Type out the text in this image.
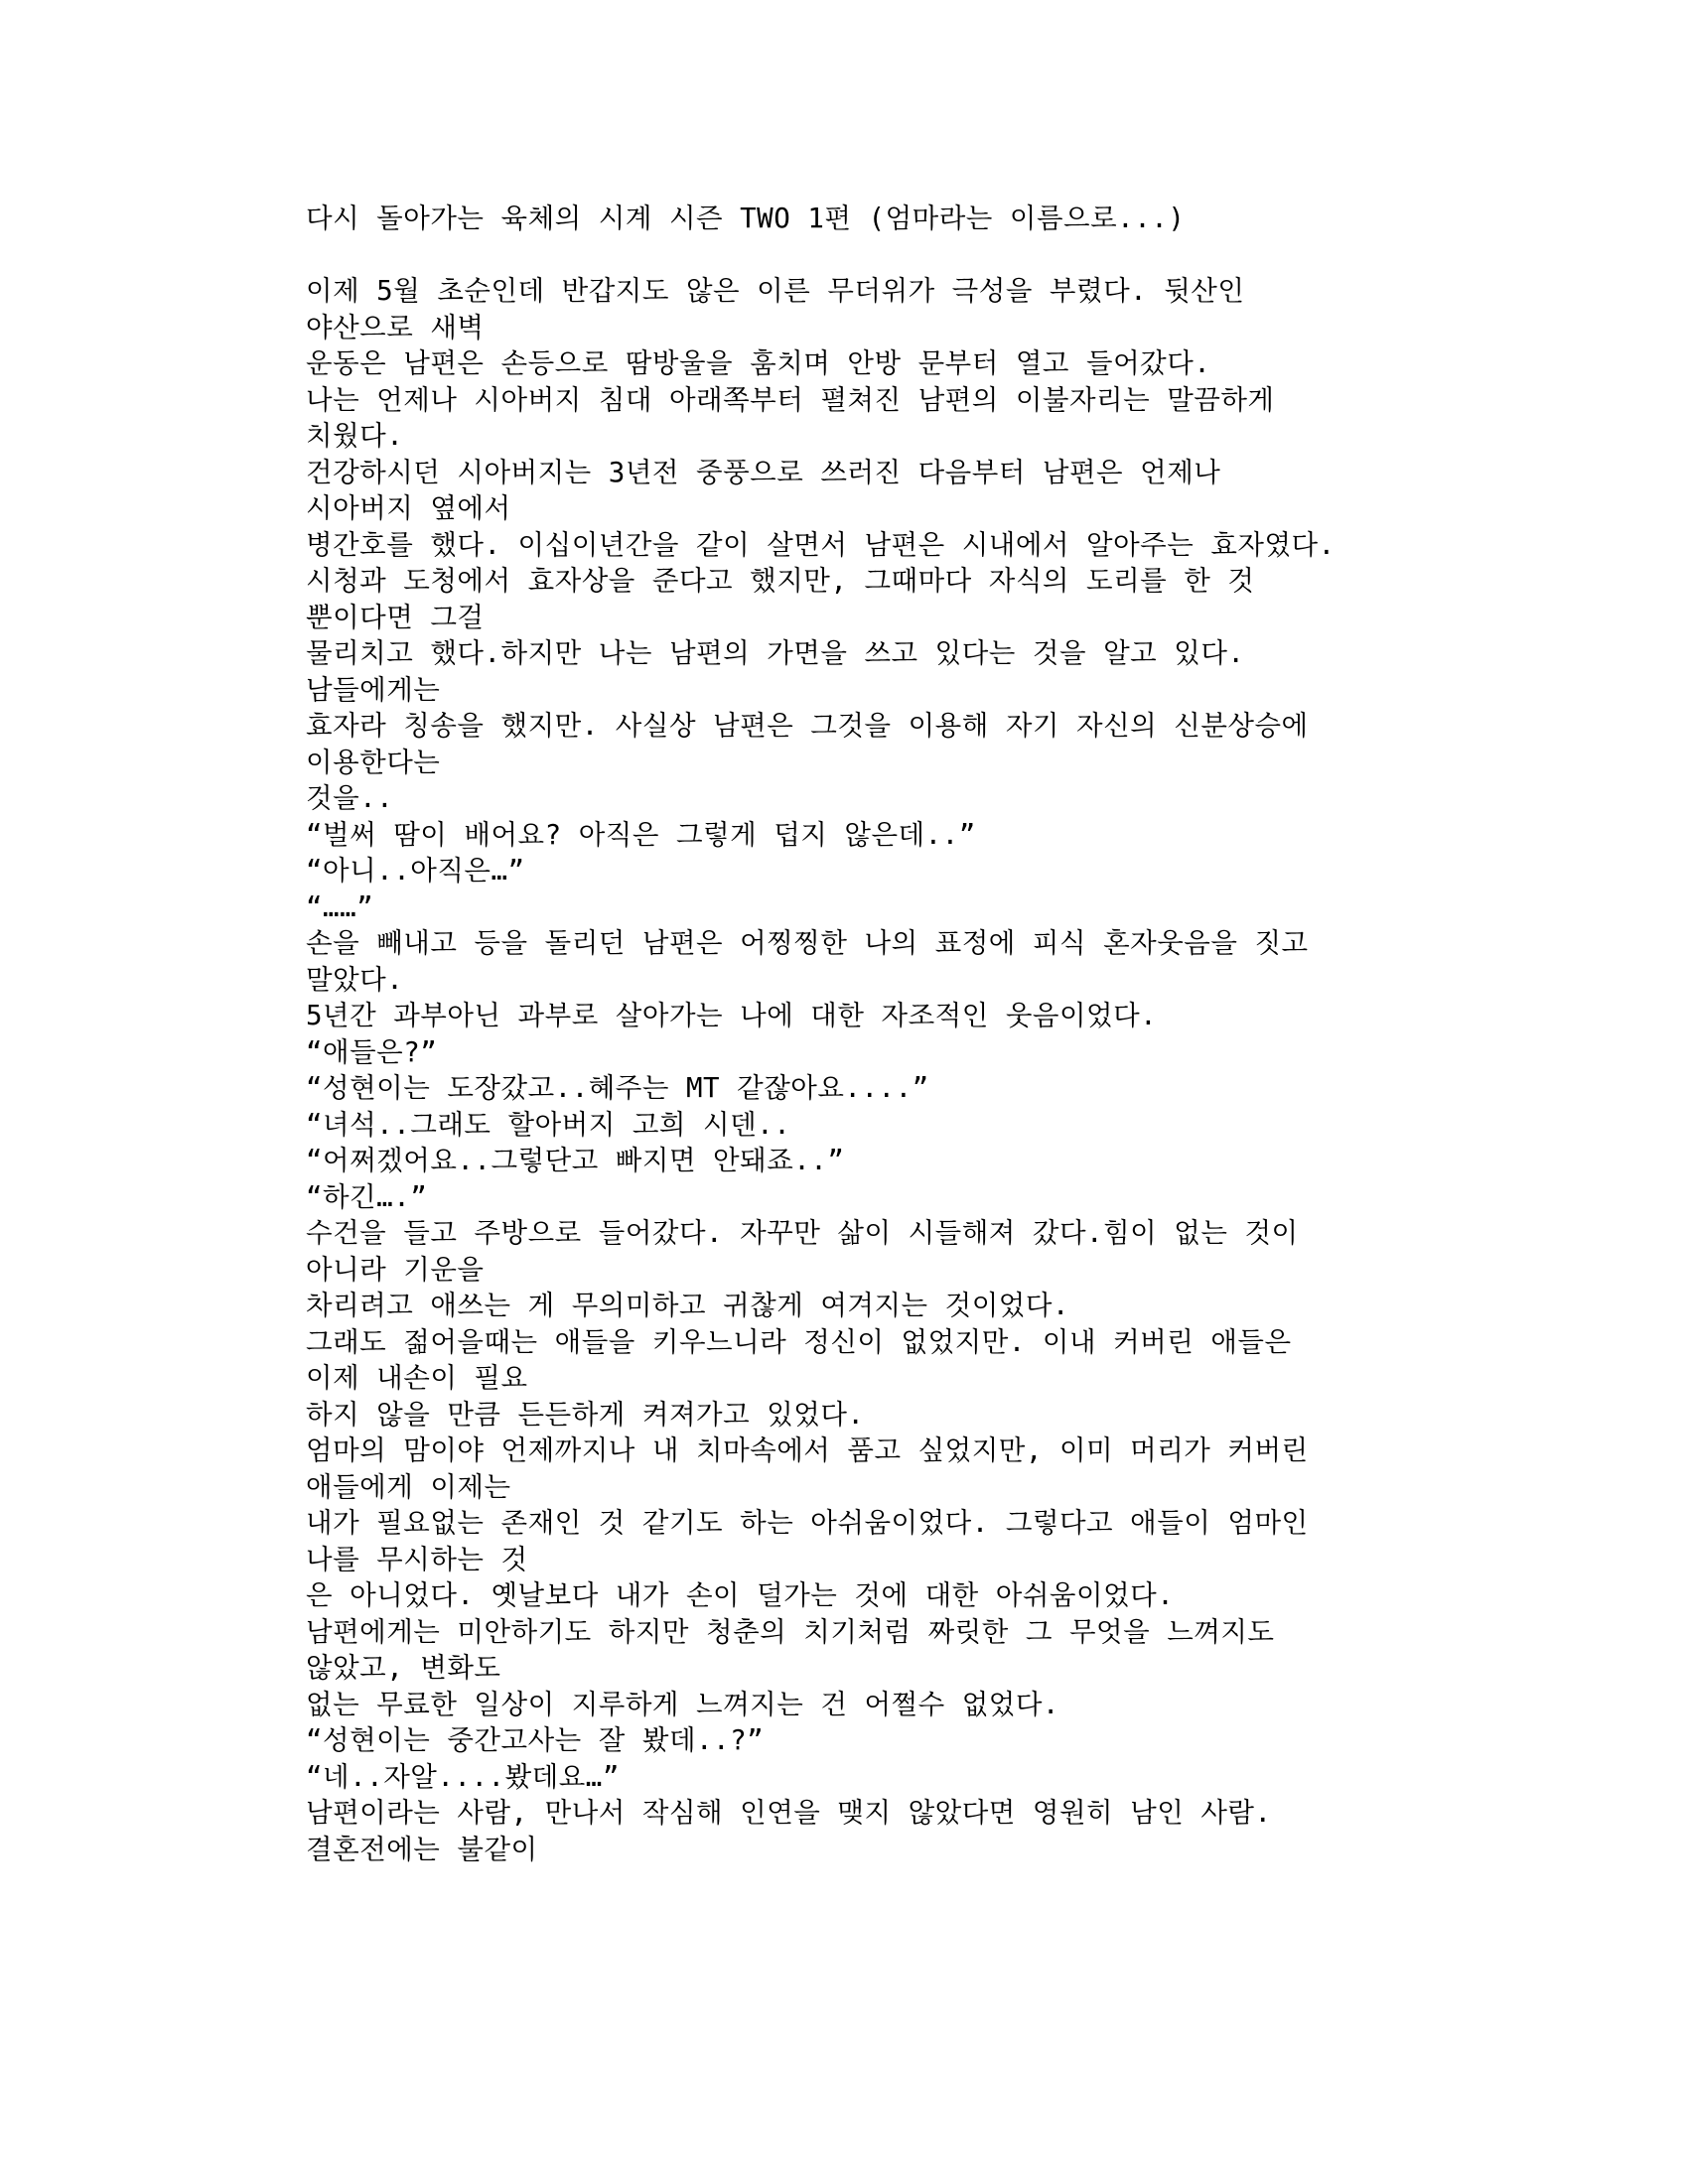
다시 돌아가는 육체의 시계 시즌 TWO 1편 (엄마라는 이름으로...)

이제 5월 초순인데 반갑지도 않은 이른 무더위가 극성을 부렸다. 뒷산인

야산으로 새벽

운동은 남편은 손등으로 땀방울을 훔치며 안방 문부터 열고 들어갔다.

나는 언제나 시아버지 침대 아래쪽부터 펼쳐진 남편의 이불자리는 말끔하게

치웠다.

건강하시던 시아버지는 3년전 중풍으로 쓰러진 다음부터 남편은 언제나

시아버지 옆에서

병간호를 했다. 이십이년간을 같이 살면서 남편은 시내에서 알아주는 효자였다.

시청과 도청에서 효자상을 준다고 했지만, 그때마다 자식의 도리를 한 것

뿐이다면 그걸

물리치고 했다.하지만 나는 남편의 가면을 쓰고 있다는 것을 알고 있다.

남들에게는

효자라 칭송을 했지만. 사실상 남편은 그것을 이용해 자기 자신의 신분상승에

이용한다는

것을..

“벌써 땀이 배어요? 아직은 그렇게 덥지 않은데..”

“아니..아직은…”

“……”

손을 빼내고 등을 돌리던 남편은 어찡찡한 나의 표정에 피식 혼자웃음을 짓고

말았다.

5년간 과부아닌 과부로 살아가는 나에 대한 자조적인 웃음이었다.

“애들은?”

“성현이는 도장갔고..혜주는 MT 같잖아요....”

“녀석..그래도 할아버지 고희 시덴..

“어쩌겠어요..그렇단고 빠지면 안돼죠..”

“하긴….”

수건을 들고 주방으로 들어갔다. 자꾸만 삶이 시들해져 갔다.힘이 없는 것이

아니라 기운을

차리려고 애쓰는 게 무의미하고 귀찮게 여겨지는 것이었다.

그래도 젊어을때는 애들을 키우느니라 정신이 없었지만. 이내 커버린 애들은

이제 내손이 필요

하지 않을 만큼 든든하게 켜져가고 있었다.

엄마의 맘이야 언제까지나 내 치마속에서 품고 싶었지만, 이미 머리가 커버린

애들에게 이제는

내가 필요없는 존재인 것 같기도 하는 아쉬움이었다. 그렇다고 애들이 엄마인

나를 무시하는 것

은 아니었다. 옛날보다 내가 손이 덜가는 것에 대한 아쉬움이었다.

남편에게는 미안하기도 하지만 청춘의 치기처럼 짜릿한 그 무엇을 느껴지도

않았고, 변화도

없는 무료한 일상이 지루하게 느껴지는 건 어쩔수 없었다.

“성현이는 중간고사는 잘 봤데..?”

“네..자알....봤데요…”

남편이라는 사람, 만나서 작심해 인연을 맺지 않았다면 영원히 남인 사람.

결혼전에는 불같이
